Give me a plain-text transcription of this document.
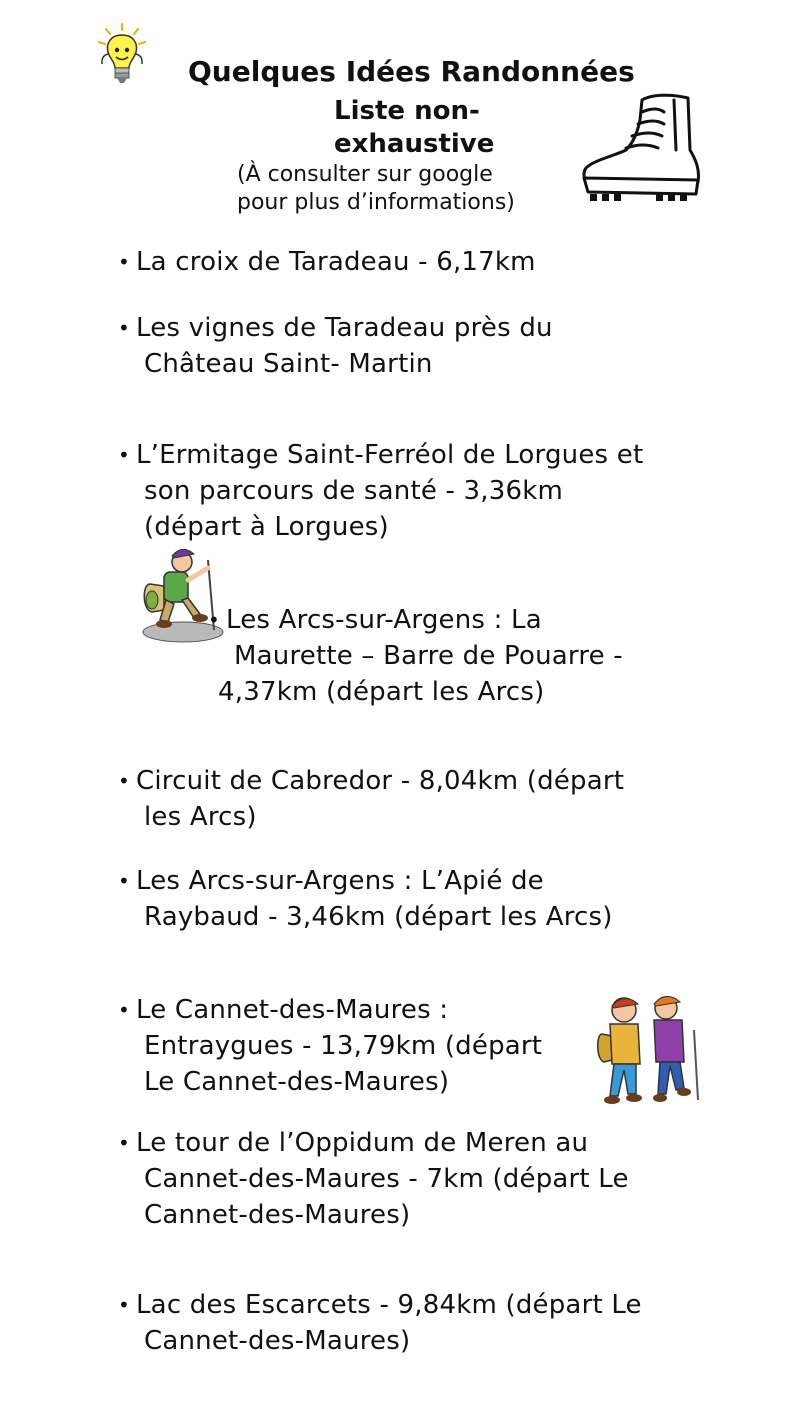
Quelques Idées Randonnées
Liste non-
exhaustive
(À consulter sur google
pour plus d’informations)
• La croix de Taradeau - 6,17km
• Les vignes de Taradeau près du
Château Saint- Martin
• L’Ermitage Saint-Ferréol de Lorgues et
son parcours de santé - 3,36km
(départ à Lorgues)
• Les Arcs-sur-Argens : La
Maurette – Barre de Pouarre -
4,37km (départ les Arcs)
• Circuit de Cabredor - 8,04km (départ
les Arcs)
• Les Arcs-sur-Argens : L’Apié de
Raybaud - 3,46km (départ les Arcs)
• Le Cannet-des-Maures :
Entraygues - 13,79km (départ
Le Cannet-des-Maures)
• Le tour de l’Oppidum de Meren au
Cannet-des-Maures - 7km (départ Le
Cannet-des-Maures)
• Lac des Escarcets - 9,84km (départ Le
Cannet-des-Maures)
